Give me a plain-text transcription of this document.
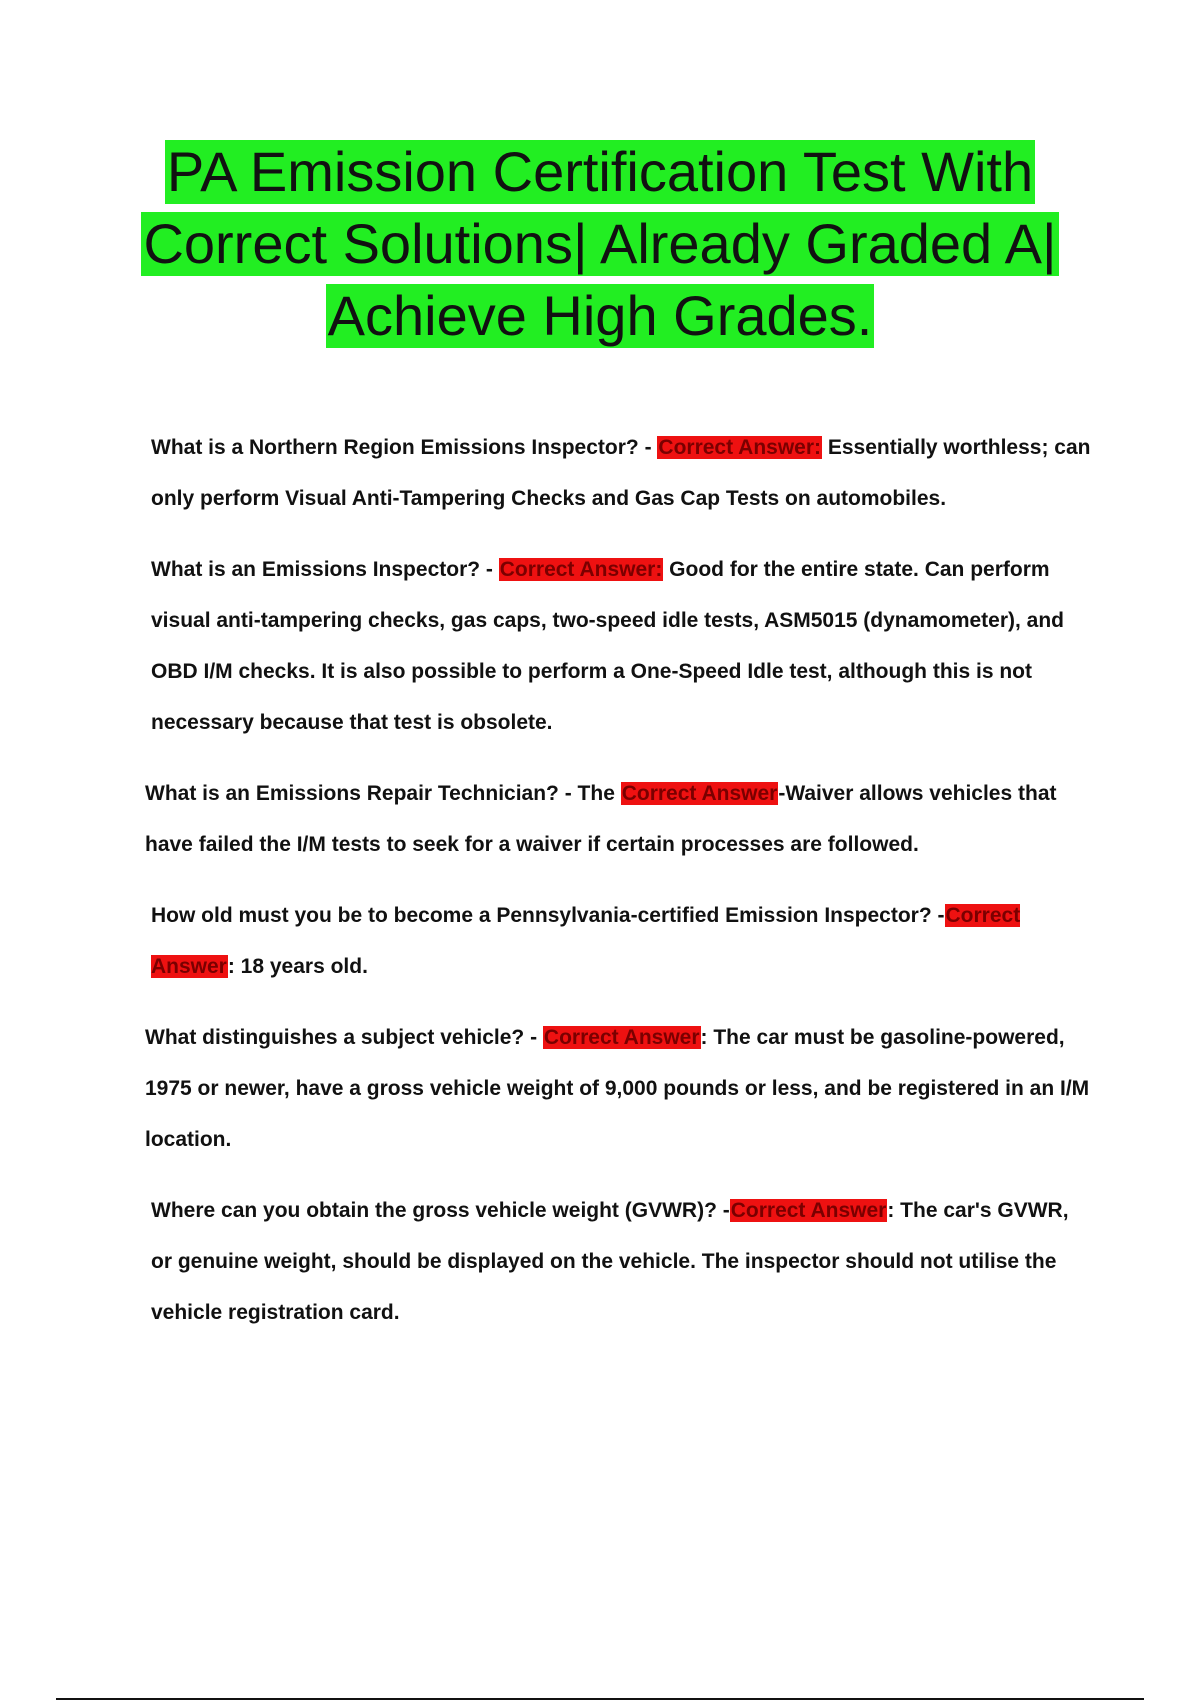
PA Emission Certification Test With
Correct Solutions| Already Graded A|
Achieve High Grades.

What is a Northern Region Emissions Inspector? - Correct Answer: Essentially worthless; can only perform Visual Anti-Tampering Checks and Gas Cap Tests on automobiles.

What is an Emissions Inspector? - Correct Answer: Good for the entire state. Can perform visual anti-tampering checks, gas caps, two-speed idle tests, ASM5015 (dynamometer), and OBD I/M checks. It is also possible to perform a One-Speed Idle test, although this is not necessary because that test is obsolete.

What is an Emissions Repair Technician? - The Correct Answer-Waiver allows vehicles that have failed the I/M tests to seek for a waiver if certain processes are followed.

How old must you be to become a Pennsylvania-certified Emission Inspector? -Correct Answer: 18 years old.

What distinguishes a subject vehicle? - Correct Answer: The car must be gasoline-powered, 1975 or newer, have a gross vehicle weight of 9,000 pounds or less, and be registered in an I/M location.

Where can you obtain the gross vehicle weight (GVWR)? -Correct Answer: The car's GVWR, or genuine weight, should be displayed on the vehicle. The inspector should not utilise the vehicle registration card.
